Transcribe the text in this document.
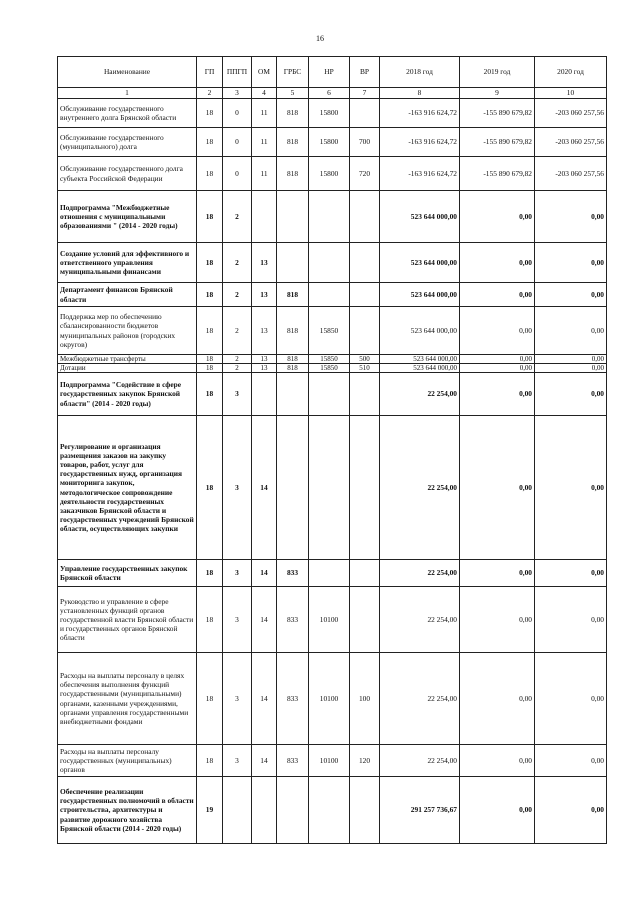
16
Наименование	ГП	ППГП	ОМ	ГРБС	НР	ВР	2018 год	2019 год	2020 год
1	2	3	4	5	6	7	8	9	10
Обслуживание государственного внутреннего долга Брянской области	18	0	11	818	15800		-163 916 624,72	-155 890 679,82	-203 060 257,56
Обслуживание государственного (муниципального) долга	18	0	11	818	15800	700	-163 916 624,72	-155 890 679,82	-203 060 257,56
Обслуживание государственного долга субъекта Российской Федерации	18	0	11	818	15800	720	-163 916 624,72	-155 890 679,82	-203 060 257,56
Подпрограмма "Межбюджетные отношения с муниципальными образованиями " (2014 - 2020 годы)	18	2					523 644 000,00	0,00	0,00
Создание условий для эффективного и ответственного управления муниципальными финансами	18	2	13				523 644 000,00	0,00	0,00
Департамент финансов Брянской области	18	2	13	818			523 644 000,00	0,00	0,00
Поддержка мер по обеспечению сбалансированности бюджетов муниципальных районов (городских округов)	18	2	13	818	15850		523 644 000,00	0,00	0,00
Межбюджетные трансферты	18	2	13	818	15850	500	523 644 000,00	0,00	0,00
Дотации	18	2	13	818	15850	510	523 644 000,00	0,00	0,00
Подпрограмма "Содействие в сфере государственных закупок Брянской области" (2014 - 2020 годы)	18	3					22 254,00	0,00	0,00
Регулирование и организация размещения заказов на закупку товаров, работ, услуг для государственных нужд, организация мониторинга закупок, методологическое сопровождение деятельности государственных заказчиков Брянской области и государственных учреждений Брянской области, осуществляющих закупки	18	3	14				22 254,00	0,00	0,00
Управление государственных закупок Брянской области	18	3	14	833			22 254,00	0,00	0,00
Руководство и управление в сфере установленных функций органов государственной власти Брянской области и государственных органов Брянской области	18	3	14	833	10100		22 254,00	0,00	0,00
Расходы на выплаты персоналу в целях обеспечения выполнения функций государственными (муниципальными) органами, казенными учреждениями, органами управления государственными внебюджетными фондами	18	3	14	833	10100	100	22 254,00	0,00	0,00
Расходы на выплаты персоналу государственных (муниципальных) органов	18	3	14	833	10100	120	22 254,00	0,00	0,00
Обеспечение реализации государственных полномочий в области строительства, архитектуры и развитие дорожного хозяйства Брянской области (2014 - 2020 годы)	19						291 257 736,67	0,00	0,00
